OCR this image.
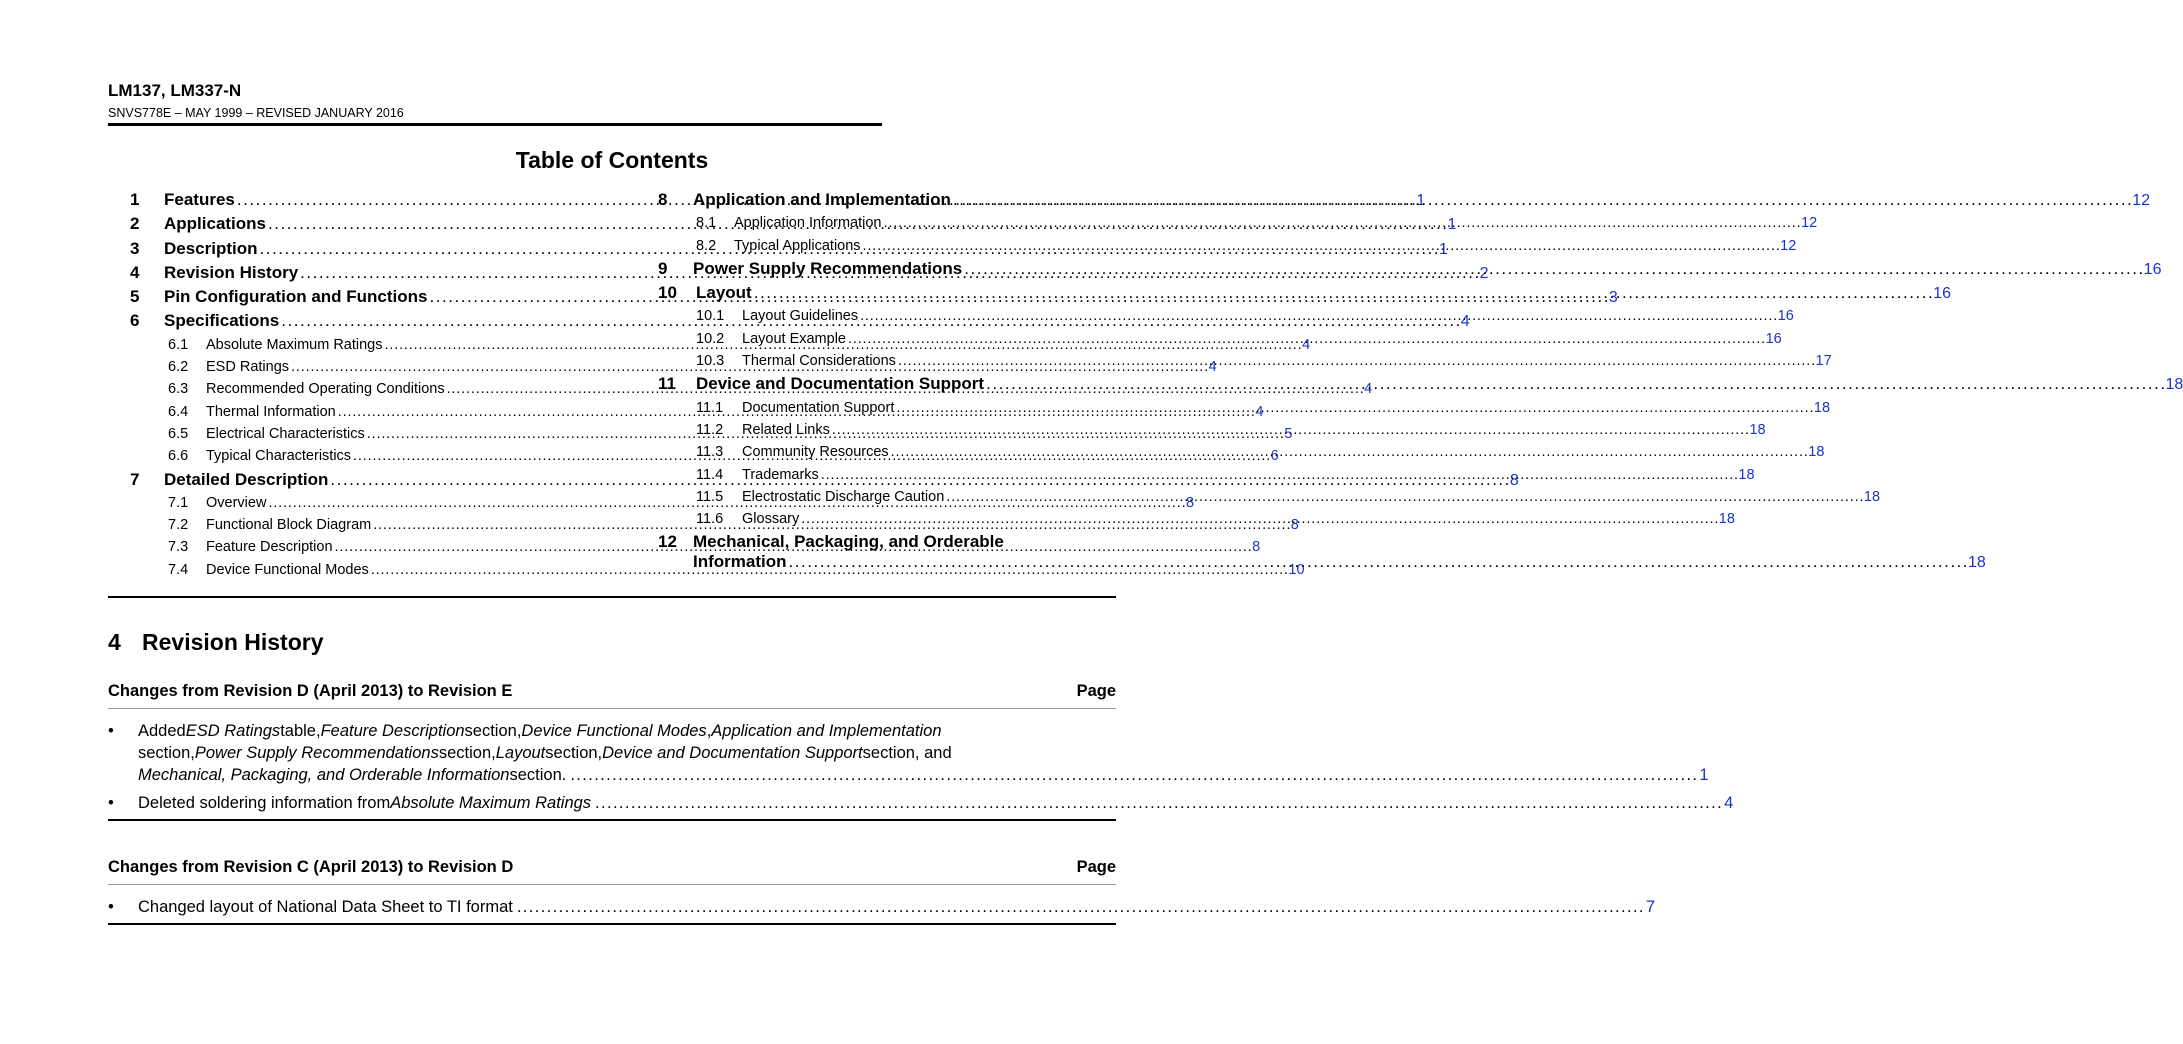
LM137, LM337-N
SNVS778E – MAY 1999 – REVISED JANUARY 2016
Table of Contents
1	Features . . .	1
2	Applications . . .	1
3	Description . . .	1
4	Revision History . . .	2
5	Pin Configuration and Functions . . .	3
6	Specifications . . .	4
6.1	Absolute Maximum Ratings . . .	4
6.2	ESD Ratings . . .	4
6.3	Recommended Operating Conditions . . .	4
6.4	Thermal Information . . .	4
6.5	Electrical Characteristics . . .	5
6.6	Typical Characteristics . . .	6
7	Detailed Description . . .	8
7.1	Overview . . .	8
7.2	Functional Block Diagram . . .	8
7.3	Feature Description . . .	8
7.4	Device Functional Modes . . .	10
8	Application and Implementation . . .	12
8.1	Application Information . . .	12
8.2	Typical Applications . . .	12
9	Power Supply Recommendations . . .	16
10	Layout . . .	16
10.1	Layout Guidelines . . .	16
10.2	Layout Example . . .	16
10.3	Thermal Considerations . . .	17
11	Device and Documentation Support . . .	18
11.1	Documentation Support . . .	18
11.2	Related Links . . .	18
11.3	Community Resources . . .	18
11.4	Trademarks . . .	18
11.5	Electrostatic Discharge Caution . . .	18
11.6	Glossary . . .	18
12 Mechanical, Packaging, and Orderable
Information . . .	18
4 Revision History
Changes from Revision D (April 2013) to Revision E	Page
•	Added ESD Ratings table, Feature Description section, Device Functional Modes , Application and Implementation
section, Power Supply Recommendations section, Layout section, Device and Documentation Support section, and
Mechanical, Packaging, and Orderable Information section. . . .	1
•	Deleted soldering information from Absolute Maximum Ratings . . .	4
Changes from Revision C (April 2013) to Revision D	Page
•	Changed layout of National Data Sheet to TI format . . .	7
